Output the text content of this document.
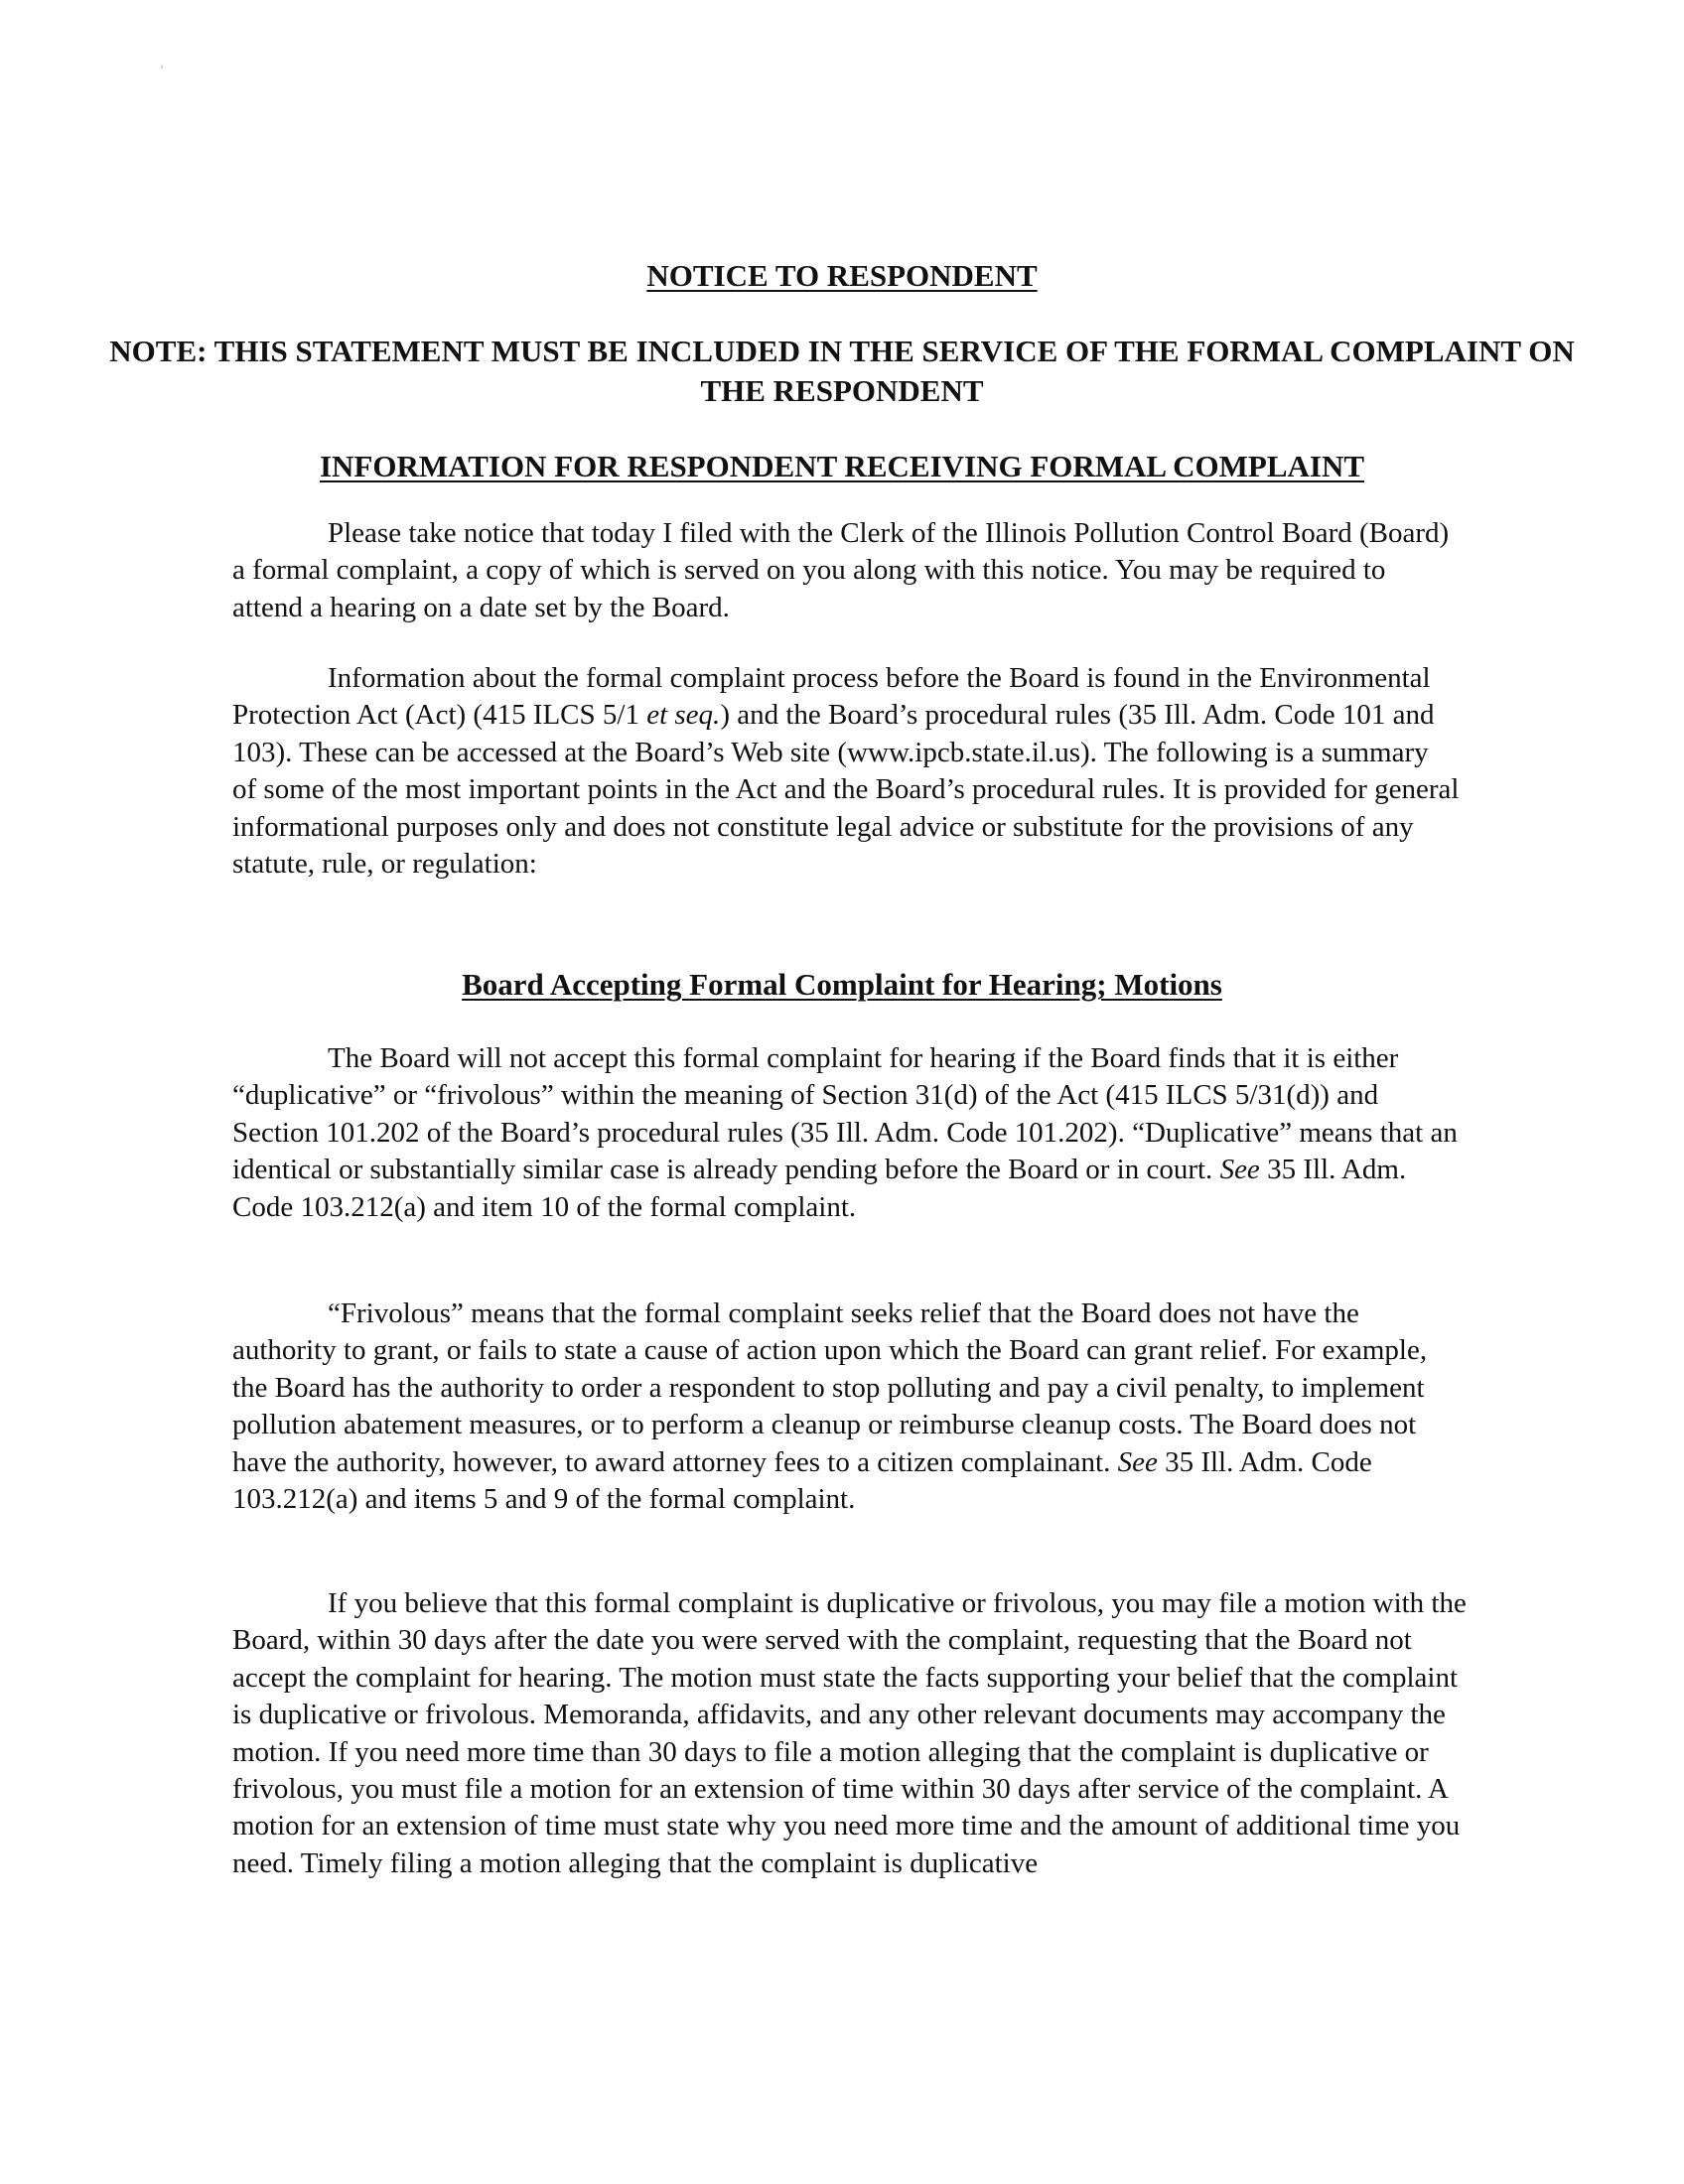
NOTICE TO RESPONDENT
NOTE: THIS STATEMENT MUST BE INCLUDED IN THE SERVICE OF THE FORMAL COMPLAINT ON THE RESPONDENT
INFORMATION FOR RESPONDENT RECEIVING FORMAL COMPLAINT

Please take notice that today I filed with the Clerk of the Illinois Pollution Control Board (Board) a formal complaint, a copy of which is served on you along with this notice. You may be required to attend a hearing on a date set by the Board.

Information about the formal complaint process before the Board is found in the Environmental Protection Act (Act) (415 ILCS 5/1 et seq.) and the Board’s procedural rules (35 Ill. Adm. Code 101 and 103). These can be accessed at the Board’s Web site (www.ipcb.state.il.us). The following is a summary of some of the most important points in the Act and the Board’s procedural rules. It is provided for general informational purposes only and does not constitute legal advice or substitute for the provisions of any statute, rule, or regulation:

Board Accepting Formal Complaint for Hearing; Motions

The Board will not accept this formal complaint for hearing if the Board finds that it is either “duplicative” or “frivolous” within the meaning of Section 31(d) of the Act (415 ILCS 5/31(d)) and Section 101.202 of the Board’s procedural rules (35 Ill. Adm. Code 101.202). “Duplicative” means that an identical or substantially similar case is already pending before the Board or in court. See 35 Ill. Adm. Code 103.212(a) and item 10 of the formal complaint.

“Frivolous” means that the formal complaint seeks relief that the Board does not have the authority to grant, or fails to state a cause of action upon which the Board can grant relief. For example, the Board has the authority to order a respondent to stop polluting and pay a civil penalty, to implement pollution abatement measures, or to perform a cleanup or reimburse cleanup costs. The Board does not have the authority, however, to award attorney fees to a citizen complainant. See 35 Ill. Adm. Code 103.212(a) and items 5 and 9 of the formal complaint.

If you believe that this formal complaint is duplicative or frivolous, you may file a motion with the Board, within 30 days after the date you were served with the complaint, requesting that the Board not accept the complaint for hearing. The motion must state the facts supporting your belief that the complaint is duplicative or frivolous. Memoranda, affidavits, and any other relevant documents may accompany the motion. If you need more time than 30 days to file a motion alleging that the complaint is duplicative or frivolous, you must file a motion for an extension of time within 30 days after service of the complaint. A motion for an extension of time must state why you need more time and the amount of additional time you need. Timely filing a motion alleging that the complaint is duplicative
